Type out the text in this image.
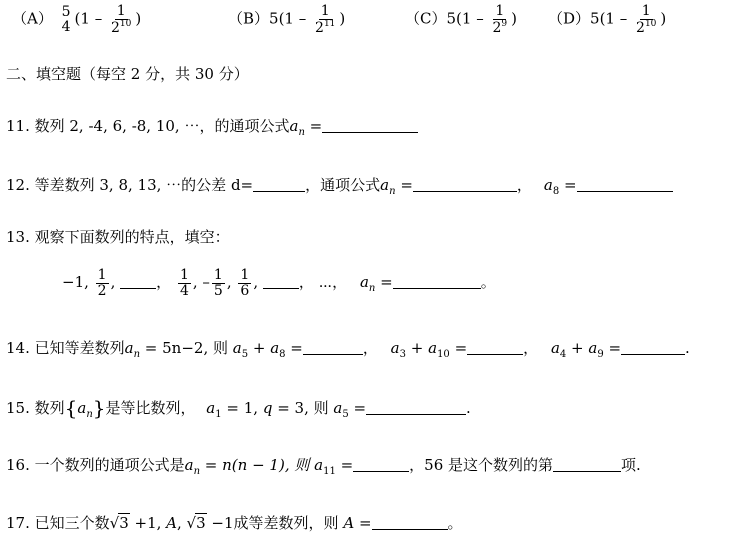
（A） 5
4 ($1 - \frac{1}{2^{10}}$ )	$(B)5(1 - \frac{1}{2^{11}}$ )	$(C)5(1 - \frac{1}{2^9}$ ) $(D)5(1 - \frac{1}{2^{10}}$ )
二、填空题（每空 2 分，共 30 分）
11. 数列 2, -4, 6, -8, 10, ⋯，的通项公式$a_n$ =
12. 等差数列 3, 8, 13, ⋯的公差 d=	，通项公式$a_n$ =	， $a_8$ =
13. 观察下面数列的特点，填空：
−1, $\frac{1}{2}$ ,	， $\frac{1}{4}$ , – $\frac{1}{5}$ , $\frac{1}{6}$ ,	， ⋯， $a_n$ =	。
14. 已知等差数列$a_n = 5n-2$, 则 $a_5 + a_8$ =	， $a_3 + a_{10}$ =	， $a_4 + a_9$ =	.
15. 数列$\{a_n\}$是等比数列， $a_1 = 1$, q = 3, 则 $a_5$ =	.
16. 一个数列的通项公式是$a_n = n(n - 1)$, 则 $a_{11}$ =	，56 是这个数列的第	项.
17. 已知三个数√3 +1, A, √3 −1成等差数列，则 A =	。
